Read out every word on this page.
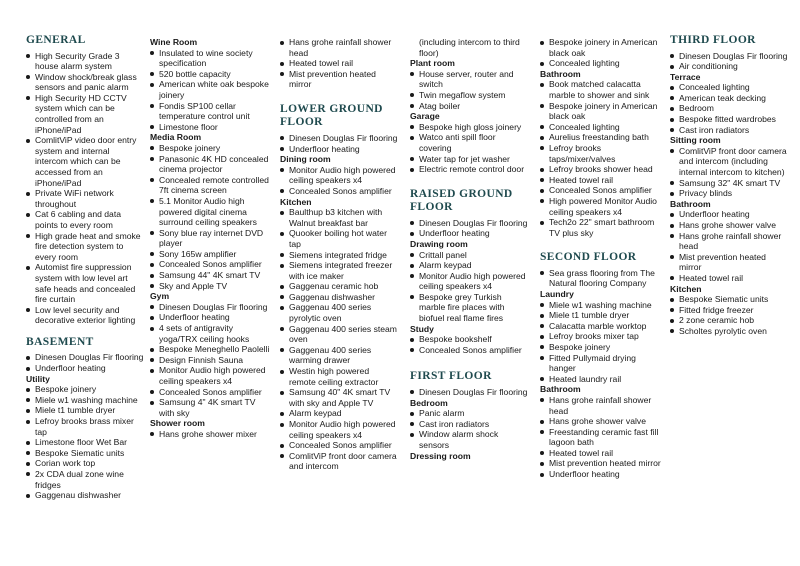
GENERAL
High Security Grade 3 house alarm system
Window shock/break glass sensors and panic alarm
High Security HD CCTV system which can be controlled from an iPhone/iPad
ComlitViP video door entry system and internal intercom which can be accessed from an iPhone/iPad
Private WiFi network throughout
Cat 6 cabling and data points to every room
High grade heat and smoke fire detection system to every room
Automist fire suppression system with low level art safe heads and concealed fire curtain
Low level security and decorative exterior lighting
BASEMENT
Dinesen Douglas Fir flooring
Underfloor heating
Utility
Bespoke joinery
Miele w1 washing machine
Miele t1 tumble dryer
Lefroy brooks brass mixer tap
Limestone floor Wet Bar
Bespoke Siematic units
Corian work top
2x CDA dual zone wine fridges
Gaggenau dishwasher
Wine Room
Insulated to wine society specification
520 bottle capacity
American white oak bespoke joinery
Fondis SP100 cellar temperature control unit
Limestone floor
Media Room
Bespoke joinery
Panasonic 4K HD concealed cinema projector
Concealed remote controlled 7ft cinema screen
5.1 Monitor Audio high powered digital cinema surround ceiling speakers
Sony blue ray internet DVD player
Sony 165w amplifier
Concealed Sonos amplifier
Samsung 44" 4K smart TV
Sky and Apple TV
Gym
Dinesen Douglas Fir flooring
Underfloor heating
4 sets of antigravity yoga/TRX ceiling hooks
Bespoke Meneghello Paolelli
Design Finnish Sauna
Monitor Audio high powered ceiling speakers x4
Concealed Sonos amplifier
Samsung 4" 4K smart TV with sky
Shower room
Hans grohe shower mixer
Hans grohe rainfall shower head
Heated towel rail
Mist prevention heated mirror
LOWER GROUND FLOOR
Dinesen Douglas Fir flooring
Underfloor heating
Dining room
Monitor Audio high powered ceiling speakers x4
Concealed Sonos amplifier
Kitchen
Baulthup b3 kitchen with Walnut breakfast bar
Quooker boiling hot water tap
Siemens integrated fridge
Siemens integrated freezer with ice maker
Gaggenau ceramic hob
Gaggenau dishwasher
Gaggenau 400 series pyrolytic oven
Gaggenau 400 series steam oven
Gaggenau 400 series warming drawer
Westin high powered remote ceiling extractor
Samsung 40" 4K smart TV with sky and Apple TV
Alarm keypad
Monitor Audio high powered ceiling speakers x4
Concealed Sonos amplifier
ComlitViP front door camera and intercom

(including intercom to third floor)

Plant room
House server, router and switch
Twin megaflow system
Atag boiler
Garage
Bespoke high gloss joinery
Watco anti spill floor covering
Water tap for jet washer
Electric remote control door
RAISED GROUND FLOOR
Dinesen Douglas Fir flooring
Underfloor heating
Drawing room
Crittall panel
Alarm keypad
Monitor Audio high powered ceiling speakers x4
Bespoke grey Turkish marble fire places with biofuel real flame fires
Study
Bespoke bookshelf
Concealed Sonos amplifier
FIRST FLOOR
Dinesen Douglas Fir flooring
Bedroom
Panic alarm
Cast iron radiators
Window alarm shock sensors
Dressing room
Bespoke joinery in American black oak
Concealed lighting
Bathroom
Book matched calacatta marble to shower and sink
Bespoke joinery in American black oak
Concealed lighting
Aurelius freestanding bath
Lefroy brooks taps/mixer/valves
Lefroy brooks shower head
Heated towel rail
Concealed Sonos amplifier
High powered Monitor Audio ceiling speakers x4
Tech2o 22" smart bathroom TV plus sky
SECOND FLOOR
Sea grass flooring from The Natural flooring Company
Laundry
Miele w1 washing machine
Miele t1 tumble dryer
Calacatta marble worktop
Lefroy brooks mixer tap
Bespoke joinery
Fitted Pullymaid drying hanger
Heated laundry rail
Bathroom
Hans grohe rainfall shower head
Hans grohe shower valve
Freestanding ceramic fast fill lagoon bath
Heated towel rail
Mist prevention heated mirror
Underfloor heating
THIRD FLOOR
Dinesen Douglas Fir flooring
Air conditioning
Terrace
Concealed lighting
American teak decking
Bedroom
Bespoke fitted wardrobes
Cast iron radiators
Sitting room
ComlitViP front door camera and intercom (including internal intercom to kitchen)
Samsung 32" 4K smart TV
Privacy blinds
Bathroom
Underfloor heating
Hans grohe shower valve
Hans grohe rainfall shower head
Mist prevention heated mirror
Heated towel rail
Kitchen
Bespoke Siematic units
Fitted fridge freezer
2 zone ceramic hob
Scholtes pyrolytic oven
